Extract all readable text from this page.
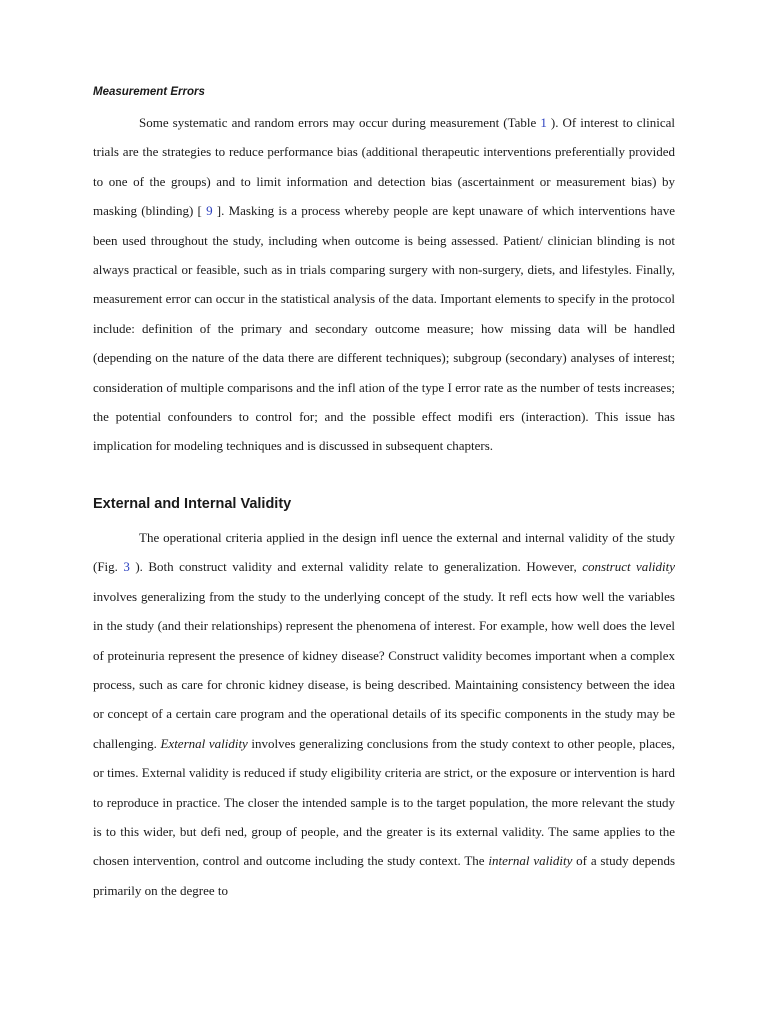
Measurement Errors

Some systematic and random errors may occur during measurement (Table 1 ). Of interest to clinical trials are the strategies to reduce performance bias (additional therapeutic interventions preferentially provided to one of the groups) and to limit information and detection bias (ascertainment or measurement bias) by masking (blinding) [ 9 ]. Masking is a process whereby people are kept unaware of which interventions have been used throughout the study, including when outcome is being assessed. Patient/ clinician blinding is not always practical or feasible, such as in trials comparing surgery with non-surgery, diets, and lifestyles. Finally, measurement error can occur in the statistical analysis of the data. Important elements to specify in the protocol include: definition of the primary and secondary outcome measure; how missing data will be handled (depending on the nature of the data there are different techniques); subgroup (secondary) analyses of interest; consideration of multiple comparisons and the infl ation of the type I error rate as the number of tests increases; the potential confounders to control for; and the possible effect modifi ers (interaction). This issue has implication for modeling techniques and is discussed in subsequent chapters.

External and Internal Validity

The operational criteria applied in the design infl uence the external and internal validity of the study (Fig. 3 ). Both construct validity and external validity relate to generalization. However, construct validity involves generalizing from the study to the underlying concept of the study. It refl ects how well the variables in the study (and their relationships) represent the phenomena of interest. For example, how well does the level of proteinuria represent the presence of kidney disease? Construct validity becomes important when a complex process, such as care for chronic kidney disease, is being described. Maintaining consistency between the idea or concept of a certain care program and the operational details of its specific components in the study may be challenging. External validity involves generalizing conclusions from the study context to other people, places, or times. External validity is reduced if study eligibility criteria are strict, or the exposure or intervention is hard to reproduce in practice. The closer the intended sample is to the target population, the more relevant the study is to this wider, but defi ned, group of people, and the greater is its external validity. The same applies to the chosen intervention, control and outcome including the study context. The internal validity of a study depends primarily on the degree to
